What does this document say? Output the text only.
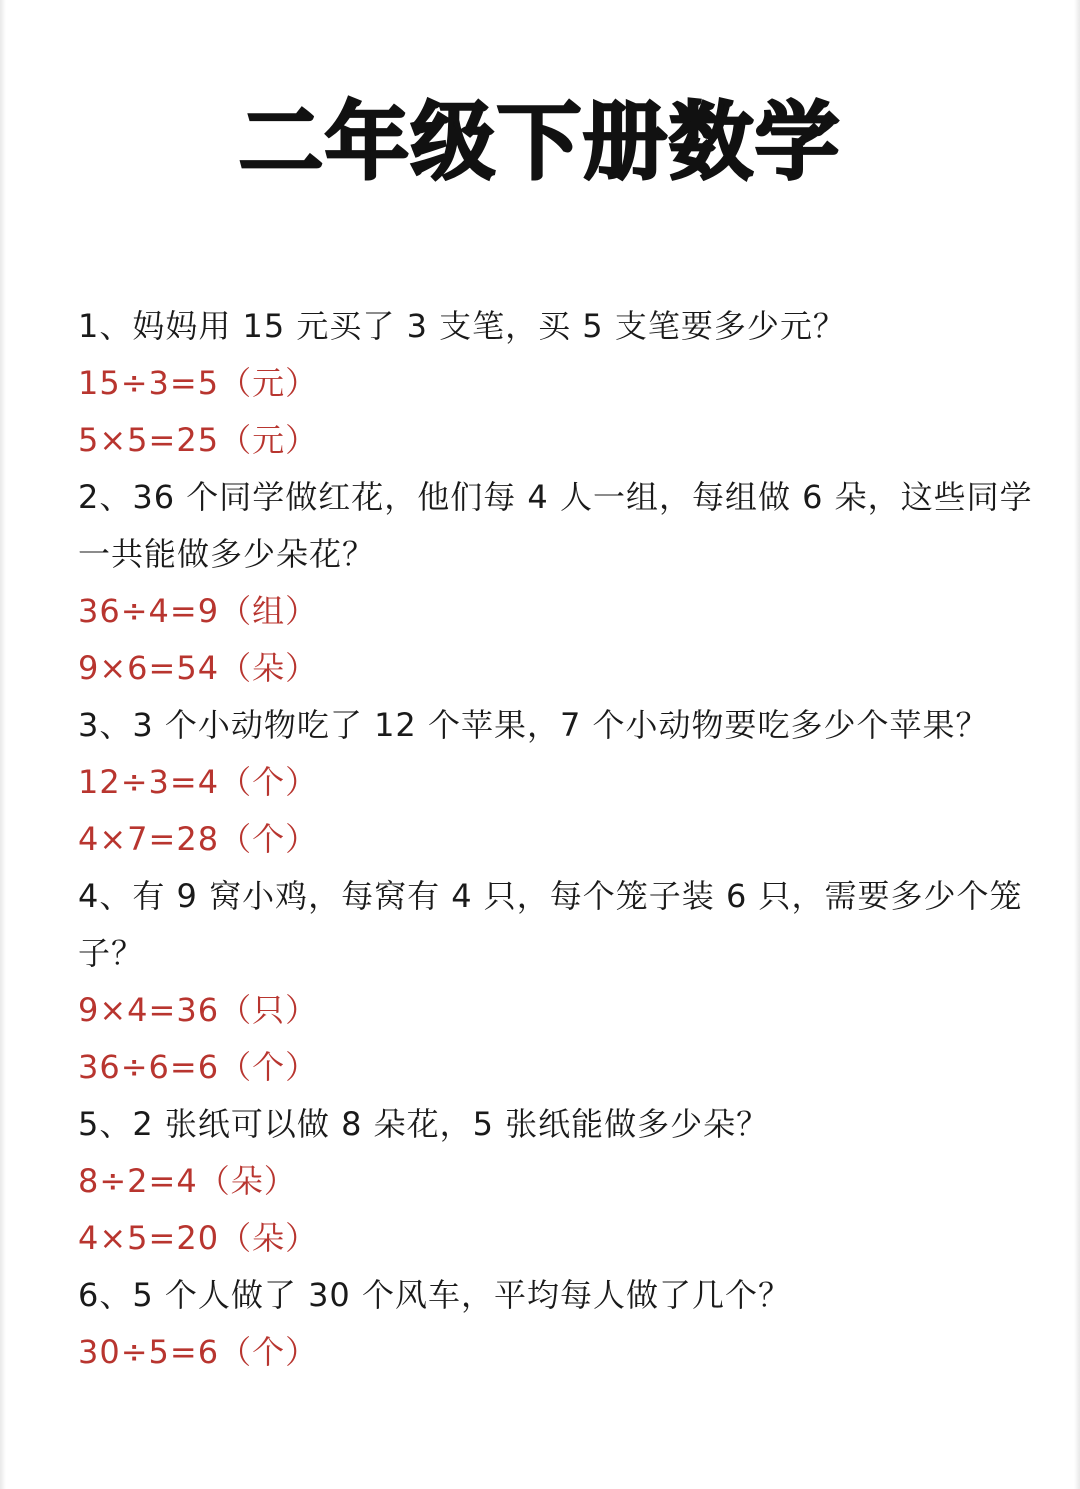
二年级下册数学
1、妈妈用 15 元买了 3 支笔，买 5 支笔要多少元？
15÷3=5（元）
5×5=25（元）
2、36 个同学做红花，他们每 4 人一组，每组做 6 朵，这些同学
一共能做多少朵花？
36÷4=9（组）
9×6=54（朵）
3、3 个小动物吃了 12 个苹果，7 个小动物要吃多少个苹果？
12÷3=4（个）
4×7=28（个）
4、有 9 窝小鸡，每窝有 4 只，每个笼子装 6 只，需要多少个笼
子？
9×4=36（只）
36÷6=6（个）
5、2 张纸可以做 8 朵花，5 张纸能做多少朵？
8÷2=4（朵）
4×5=20（朵）
6、5 个人做了 30 个风车，平均每人做了几个？
30÷5=6（个）
